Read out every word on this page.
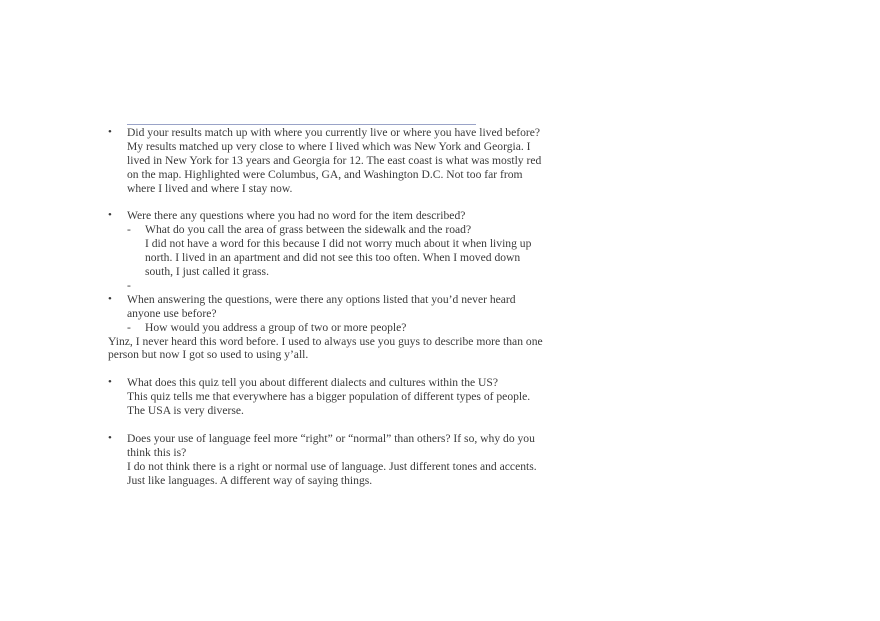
•	Did your results match up with where you currently live or where you have lived before?

My results matched up very close to where I lived which was New York and Georgia. I lived in New York for 13 years and Georgia for 12. The east coast is what was mostly red on the map. Highlighted were Columbus, GA, and Washington D.C. Not too far from where I lived and where I stay now.

•	Were there any questions where you had no word for the item described?

- What do you call the area of grass between the sidewalk and the road?

I did not have a word for this because I did not worry much about it when living up north. I lived in an apartment and did not see this too often. When I moved down south, I just called it grass.

-

•	When answering the questions, were there any options listed that you’d never heard anyone use before?

- How would you address a group of two or more people?

Yinz, I never heard this word before. I used to always use you guys to describe more than one person but now I got so used to using y’all.

•	What does this quiz tell you about different dialects and cultures within the US?

This quiz tells me that everywhere has a bigger population of different types of people. The USA is very diverse.

•	Does your use of language feel more “right” or “normal” than others? If so, why do you think this is?

I do not think there is a right or normal use of language. Just different tones and accents. Just like languages. A different way of saying things.
